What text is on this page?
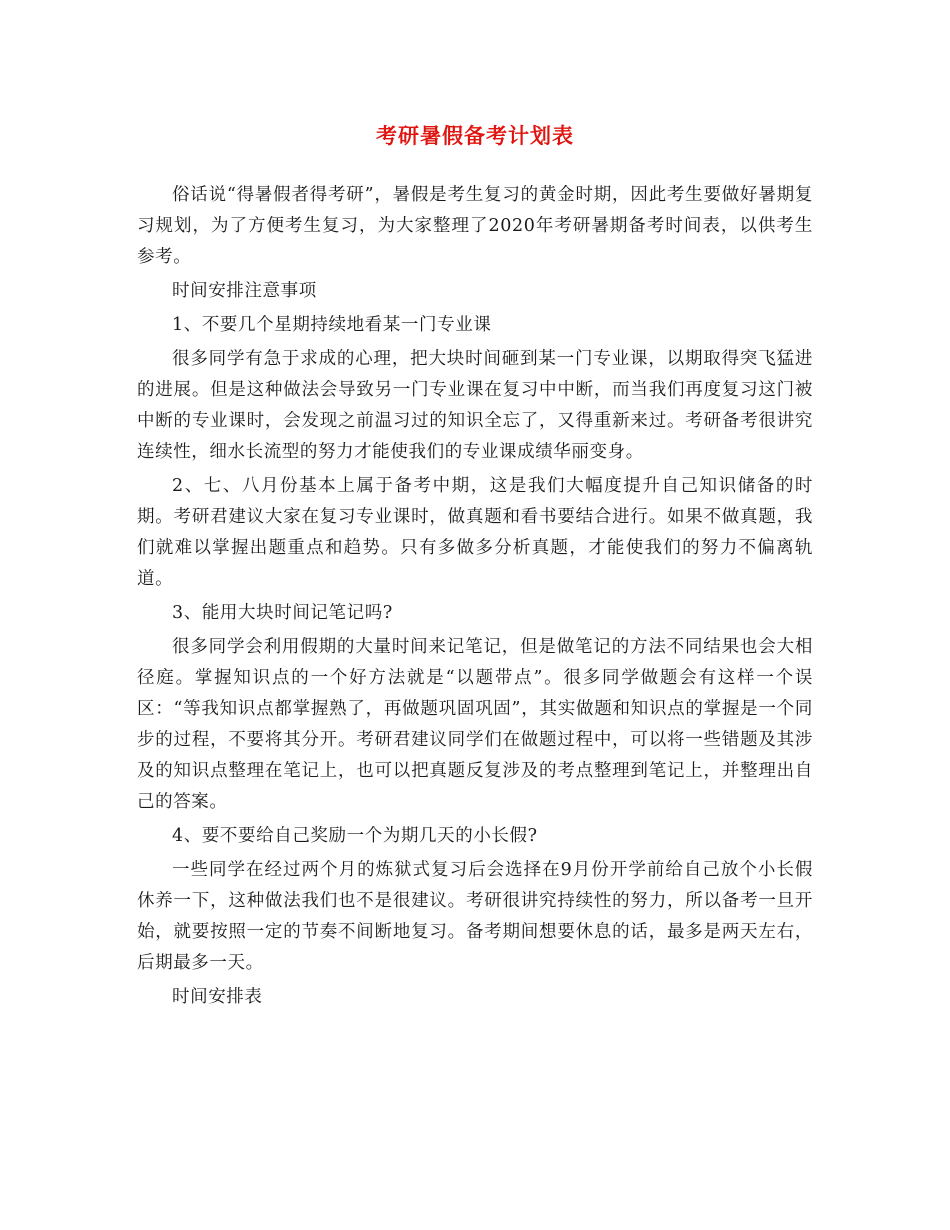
考研暑假备考计划表

俗话说“得暑假者得考研”，暑假是考生复习的黄金时期，因此考生要做好暑期复习规划，为了方便考生复习，为大家整理了2020年考研暑期备考时间表，以供考生参考。

时间安排注意事项

1、不要几个星期持续地看某一门专业课

很多同学有急于求成的心理，把大块时间砸到某一门专业课，以期取得突飞猛进的进展。但是这种做法会导致另一门专业课在复习中中断，而当我们再度复习这门被中断的专业课时，会发现之前温习过的知识全忘了，又得重新来过。考研备考很讲究连续性，细水长流型的努力才能使我们的专业课成绩华丽变身。

2、七、八月份基本上属于备考中期，这是我们大幅度提升自己知识储备的时期。考研君建议大家在复习专业课时，做真题和看书要结合进行。如果不做真题，我们就难以掌握出题重点和趋势。只有多做多分析真题，才能使我们的努力不偏离轨道。

3、能用大块时间记笔记吗?

很多同学会利用假期的大量时间来记笔记，但是做笔记的方法不同结果也会大相径庭。掌握知识点的一个好方法就是“以题带点”。很多同学做题会有这样一个误区：“等我知识点都掌握熟了，再做题巩固巩固”，其实做题和知识点的掌握是一个同步的过程，不要将其分开。考研君建议同学们在做题过程中，可以将一些错题及其涉及的知识点整理在笔记上，也可以把真题反复涉及的考点整理到笔记上，并整理出自己的答案。

4、要不要给自己奖励一个为期几天的小长假?

一些同学在经过两个月的炼狱式复习后会选择在9月份开学前给自己放个小长假休养一下，这种做法我们也不是很建议。考研很讲究持续性的努力，所以备考一旦开始，就要按照一定的节奏不间断地复习。备考期间想要休息的话，最多是两天左右，后期最多一天。

时间安排表
